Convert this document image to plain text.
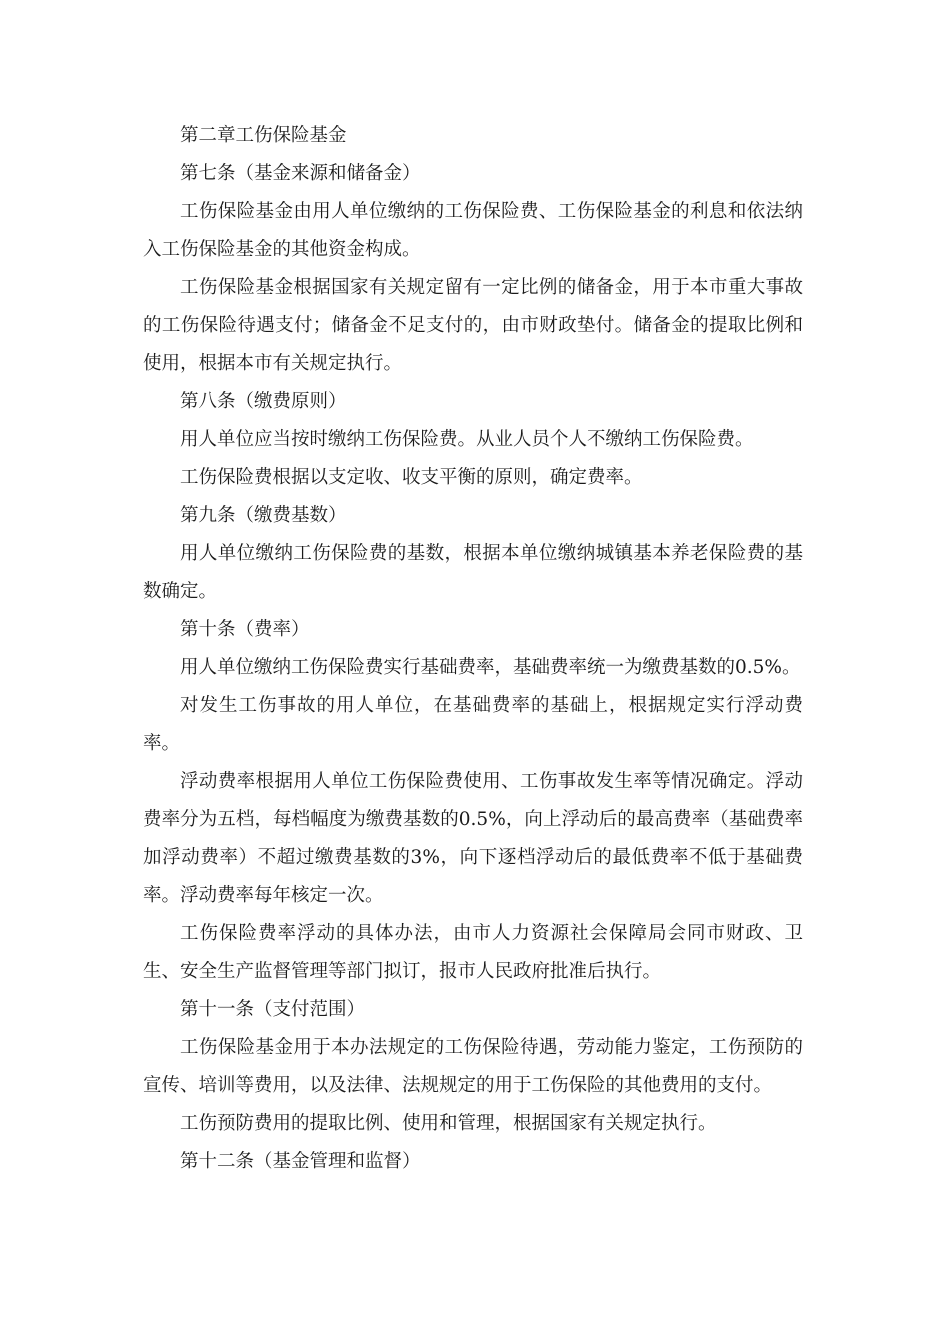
第二章工伤保险基金

第七条（基金来源和储备金）

工伤保险基金由用人单位缴纳的工伤保险费、工伤保险基金的利息和依法纳入工伤保险基金的其他资金构成。

工伤保险基金根据国家有关规定留有一定比例的储备金，用于本市重大事故的工伤保险待遇支付；储备金不足支付的，由市财政垫付。储备金的提取比例和使用，根据本市有关规定执行。

第八条（缴费原则）

用人单位应当按时缴纳工伤保险费。从业人员个人不缴纳工伤保险费。

工伤保险费根据以支定收、收支平衡的原则，确定费率。

第九条（缴费基数）

用人单位缴纳工伤保险费的基数，根据本单位缴纳城镇基本养老保险费的基数确定。

第十条（费率）

用人单位缴纳工伤保险费实行基础费率，基础费率统一为缴费基数的0.5%。

对发生工伤事故的用人单位，在基础费率的基础上，根据规定实行浮动费率。

浮动费率根据用人单位工伤保险费使用、工伤事故发生率等情况确定。浮动费率分为五档，每档幅度为缴费基数的0.5%，向上浮动后的最高费率（基础费率加浮动费率）不超过缴费基数的3%，向下逐档浮动后的最低费率不低于基础费率。浮动费率每年核定一次。

工伤保险费率浮动的具体办法，由市人力资源社会保障局会同市财政、卫生、安全生产监督管理等部门拟订，报市人民政府批准后执行。

第十一条（支付范围）

工伤保险基金用于本办法规定的工伤保险待遇，劳动能力鉴定，工伤预防的宣传、培训等费用，以及法律、法规规定的用于工伤保险的其他费用的支付。

工伤预防费用的提取比例、使用和管理，根据国家有关规定执行。

第十二条（基金管理和监督）
